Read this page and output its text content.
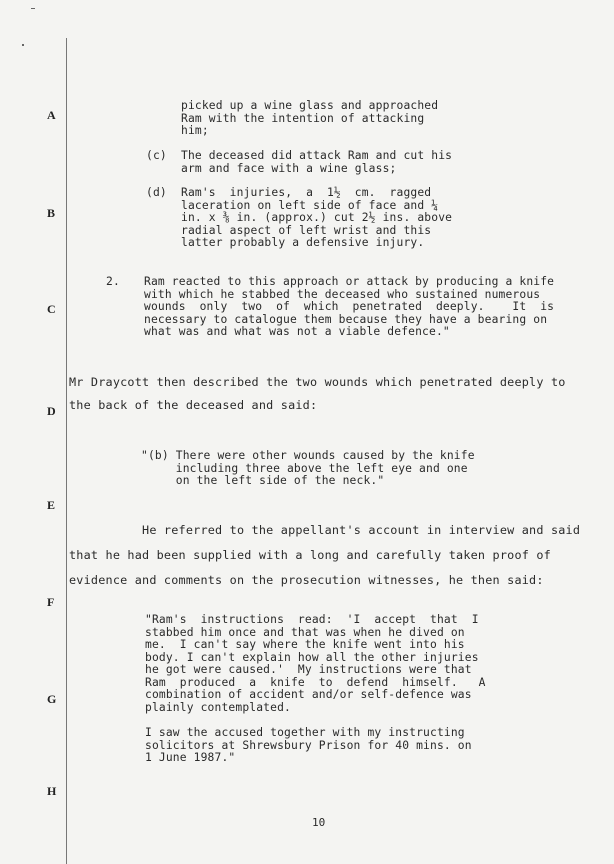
A
B
C
D
E
F
G
H
picked up a wine glass and approached
Ram with the intention of attacking
him;
(c) The deceased did attack Ram and cut his
arm and face with a wine glass;
(d) Ram's  injuries,  a  1½  cm.  ragged
laceration on left side of face and ¼
in. x ⅜ in. (approx.) cut 2½ ins. above
radial aspect of left wrist and this
latter probably a defensive injury.
2. Ram reacted to this approach or attack by producing a knife
with which he stabbed the deceased who sustained numerous
wounds  only  two  of  which  penetrated  deeply.    It  is
necessary to catalogue them because they have a bearing on
what was and what was not a viable defence."
Mr Draycott then described the two wounds which penetrated deeply to
the back of the deceased and said:
"(b) There were other wounds caused by the knife
including three above the left eye and one
on the left side of the neck."
He referred to the appellant's account in interview and said
that he had been supplied with a long and carefully taken proof of
evidence and comments on the prosecution witnesses, he then said:
"Ram's  instructions  read:  'I  accept  that  I
stabbed him once and that was when he dived on
me.  I can't say where the knife went into his
body. I can't explain how all the other injuries
he got were caused.'  My instructions were that
Ram  produced  a  knife  to  defend  himself.   A
combination of accident and/or self-defence was
plainly contemplated.
I saw the accused together with my instructing
solicitors at Shrewsbury Prison for 40 mins. on
1 June 1987."
10
